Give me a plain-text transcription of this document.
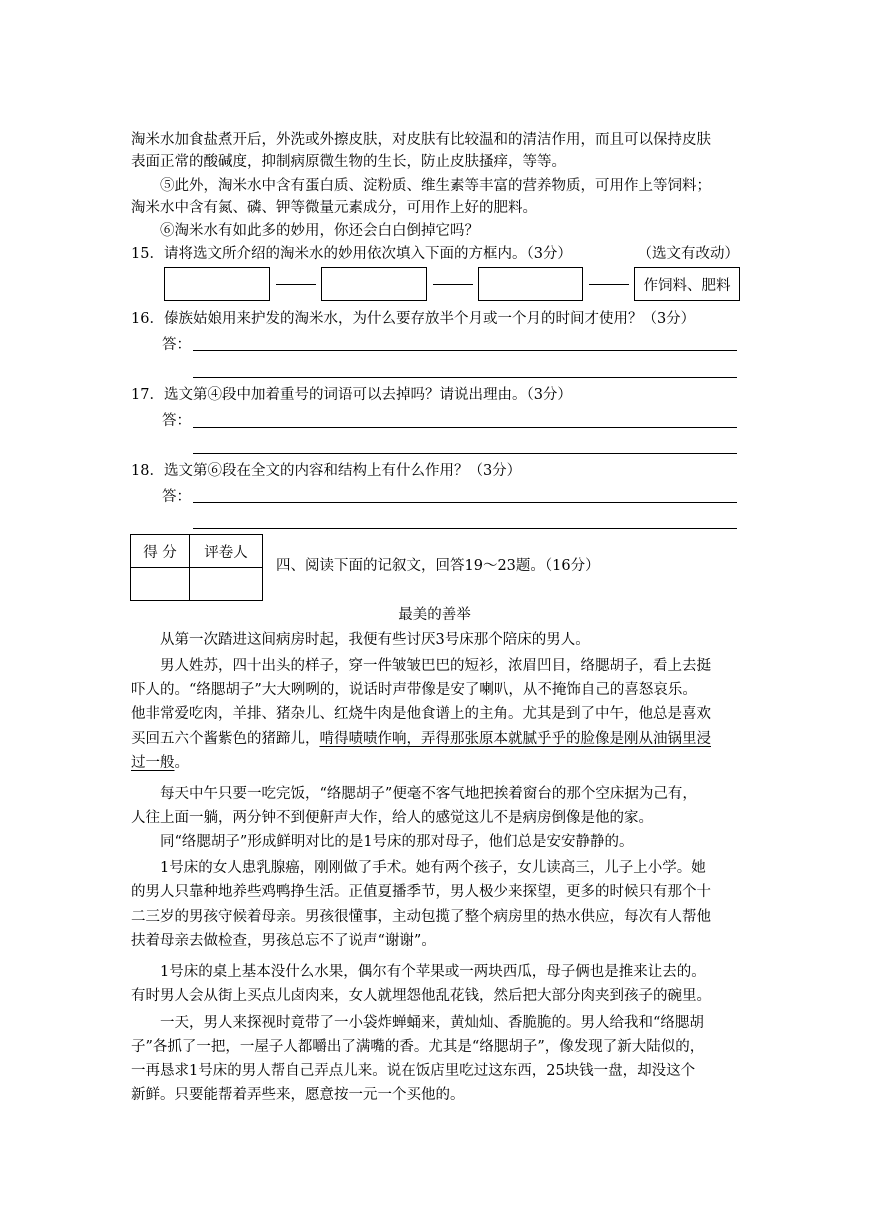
淘米水加食盐煮开后，外洗或外擦皮肤，对皮肤有比较温和的清洁作用，而且可以保持皮肤
表面正常的酸碱度，抑制病原微生物的生长，防止皮肤搔痒，等等。
⑤此外，淘米水中含有蛋白质、淀粉质、维生素等丰富的营养物质，可用作上等饲料；
淘米水中含有氮、磷、钾等微量元素成分，可用作上好的肥料。
⑥淘米水有如此多的妙用，你还会白白倒掉它吗？
（选文有改动）
15．请将选文所介绍的淘米水的妙用依次填入下面的方框内。（3分）
作饲料、肥料
16．傣族姑娘用来护发的淘米水，为什么要存放半个月或一个月的时间才使用？（3分）
答：
17．选文第④段中加着重号的词语可以去掉吗？请说出理由。（3分）
答：
18．选文第⑥段在全文的内容和结构上有什么作用？（3分）
答：
得 分	评卷人

四、阅读下面的记叙文，回答19～23题。（16分）
最美的善举
从第一次踏进这间病房时起，我便有些讨厌3号床那个陪床的男人。
男人姓苏，四十出头的样子，穿一件皱皱巴巴的短衫，浓眉凹目，络腮胡子，看上去挺
吓人的。“络腮胡子”大大咧咧的，说话时声带像是安了喇叭，从不掩饰自己的喜怒哀乐。
他非常爱吃肉，羊排、猪杂儿、红烧牛肉是他食谱上的主角。尤其是到了中午，他总是喜欢
买回五六个酱紫色的猪蹄儿，啃得啧啧作响，弄得那张原本就腻乎乎的脸像是刚从油锅里浸
过一般。
每天中午只要一吃完饭，“络腮胡子”便毫不客气地把挨着窗台的那个空床据为己有，
人往上面一躺，两分钟不到便鼾声大作，给人的感觉这儿不是病房倒像是他的家。
同“络腮胡子”形成鲜明对比的是1号床的那对母子，他们总是安安静静的。
1号床的女人患乳腺癌，刚刚做了手术。她有两个孩子，女儿读高三，儿子上小学。她
的男人只靠种地养些鸡鸭挣生活。正值夏播季节，男人极少来探望，更多的时候只有那个十
二三岁的男孩守候着母亲。男孩很懂事，主动包揽了整个病房里的热水供应，每次有人帮他
扶着母亲去做检查，男孩总忘不了说声“谢谢”。
1号床的桌上基本没什么水果，偶尔有个苹果或一两块西瓜，母子俩也是推来让去的。
有时男人会从街上买点儿卤肉来，女人就埋怨他乱花钱，然后把大部分肉夹到孩子的碗里。
一天，男人来探视时竟带了一小袋炸蝉蛹来，黄灿灿、香脆脆的。男人给我和“络腮胡
子”各抓了一把，一屋子人都嚼出了满嘴的香。尤其是“络腮胡子”，像发现了新大陆似的，
一再恳求1号床的男人帮自己弄点儿来。说在饭店里吃过这东西，25块钱一盘，却没这个
新鲜。只要能帮着弄些来，愿意按一元一个买他的。
